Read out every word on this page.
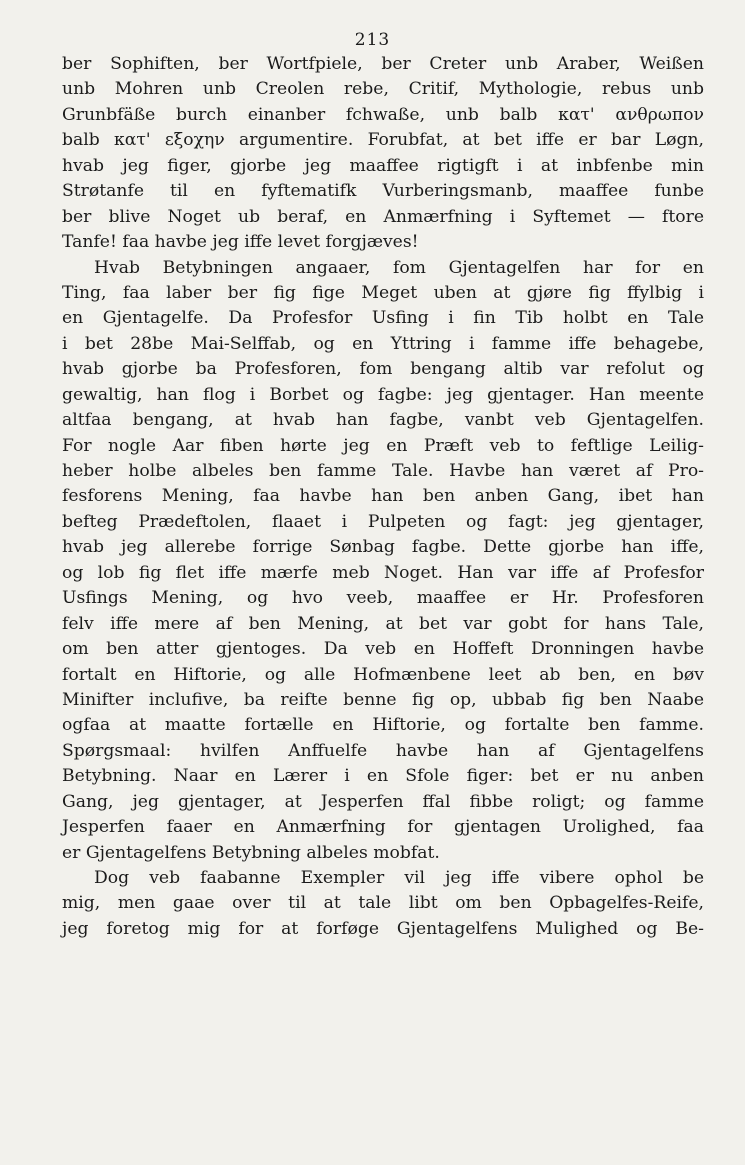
213
ber Sophiften, ber Wortfpiele, ber Creter unb Araber, Weißen
unb Mohren unb Creolen rebe, Critif, Mythologie, rebus unb
Grunbfäße burch einanber fchwaße, unb balb κατ' ανθρωπον
balb κατ' εξοχην argumentire. Forubfat, at bet iffe er bar Løgn,
hvab jeg figer, gjorbe jeg maaffee rigtigft i at inbfenbe min
Strøtanfe til en fyftematifk Vurberingsmanb, maaffee funbe
ber blive Noget ub beraf, en Anmærfning i Syftemet — ftore
Tanfe! faa havbe jeg iffe levet forgjæves!
Hvab Betybningen angaaer, fom Gjentagelfen har for en
Ting, faa laber ber fig fige Meget uben at gjøre fig ffylbig i
en Gjentagelfe. Da Profesfor Usfing i fin Tib holbt en Tale
i bet 28be Mai-Selffab, og en Yttring i famme iffe behagebe,
hvab gjorbe ba Profesforen, fom bengang altib var refolut og
gewaltig, han flog i Borbet og fagbe: jeg gjentager. Han meente
altfaa bengang, at hvab han fagbe, vanbt veb Gjentagelfen.
For nogle Aar fiben hørte jeg en Præft veb to feftlige Leilig-
heber holbe albeles ben famme Tale. Havbe han været af Pro-
fesforens Mening, faa havbe han ben anben Gang, ibet han
befteg Prædeftolen, flaaet i Pulpeten og fagt: jeg gjentager,
hvab jeg allerebe forrige Sønbag fagbe. Dette gjorbe han iffe,
og lob fig flet iffe mærfe meb Noget. Han var iffe af Profesfor
Usfings Mening, og hvo veeb, maaffee er Hr. Profesforen
felv iffe mere af ben Mening, at bet var gobt for hans Tale,
om ben atter gjentoges. Da veb en Hoffeft Dronningen havbe
fortalt en Hiftorie, og alle Hofmænbene leet ab ben, en bøv
Minifter inclufive, ba reifte benne fig op, ubbab fig ben Naabe
ogfaa at maatte fortælle en Hiftorie, og fortalte ben famme.
Spørgsmaal: hvilfen Anffuelfe havbe han af Gjentagelfens
Betybning. Naar en Lærer i en Sfole figer: bet er nu anben
Gang, jeg gjentager, at Jesperfen ffal fibbe roligt; og famme
Jesperfen faaer en Anmærfning for gjentagen Urolighed, faa
er Gjentagelfens Betybning albeles mobfat.
Dog veb faabanne Exempler vil jeg iffe vibere ophol be
mig, men gaae over til at tale libt om ben Opbagelfes-Reife,
jeg foretog mig for at forføge Gjentagelfens Mulighed og Be-
